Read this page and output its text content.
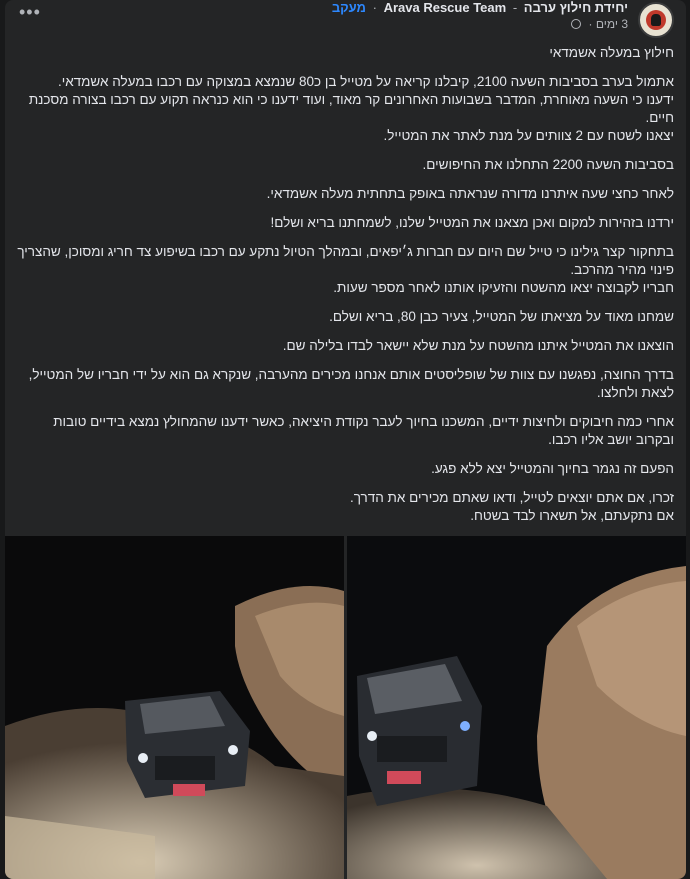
יחידת חילוץ ערבה - Arava Rescue Team · מעקב
3 ימים ·
•••

חילוץ במעלה אשמדאי

אתמול בערב בסביבות השעה 2100, קיבלנו קריאה על מטייל בן כ80 שנמצא במצוקה עם רכבו במעלה אשמדאי.
ידענו כי השעה מאוחרת, המדבר בשבועות האחרונים קר מאוד, ועוד ידענו כי הוא כנראה תקוע עם רכבו בצורה מסכנת חיים.
יצאנו לשטח עם 2 צוותים על מנת לאתר את המטייל.

בסביבות השעה 2200 התחלנו את החיפושים.

לאחר כחצי שעה איתרנו מדורה שנראתה באופק בתחתית מעלה אשמדאי.

ירדנו בזהירות למקום ואכן מצאנו את המטייל שלנו, לשמחתנו בריא ושלם!

בתחקור קצר גילינו כי טייל שם היום עם חברות ג׳יפאים, ובמהלך הטיול נתקע עם רכבו בשיפוע צד חריג ומסוכן, שהצריך פינוי מהיר מהרכב.
חבריו לקבוצה יצאו מהשטח והזעיקו אותנו לאחר מספר שעות.

שמחנו מאוד על מציאתו של המטייל, צעיר כבן 80, בריא ושלם.

הוצאנו את המטייל איתנו מהשטח על מנת שלא יישאר לבדו בלילה שם.

בדרך החוצה, נפגשנו עם צוות של שופליסטים אותם אנחנו מכירים מהערבה, שנקרא גם הוא על ידי חבריו של המטייל, לצאת ולחלצו.

אחרי כמה חיבוקים ולחיצות ידיים, המשכנו בחיוך לעבר נקודת היציאה, כאשר ידענו שהמחולץ נמצא בידיים טובות ובקרוב יושב אליו רכבו.

הפעם זה נגמר בחיוך והמטייל יצא ללא פגע.

זכרו, אם אתם יוצאים לטייל, ודאו שאתם מכירים את הדרך.
אם נתקעתם, אל תשארו לבד בשטח.
